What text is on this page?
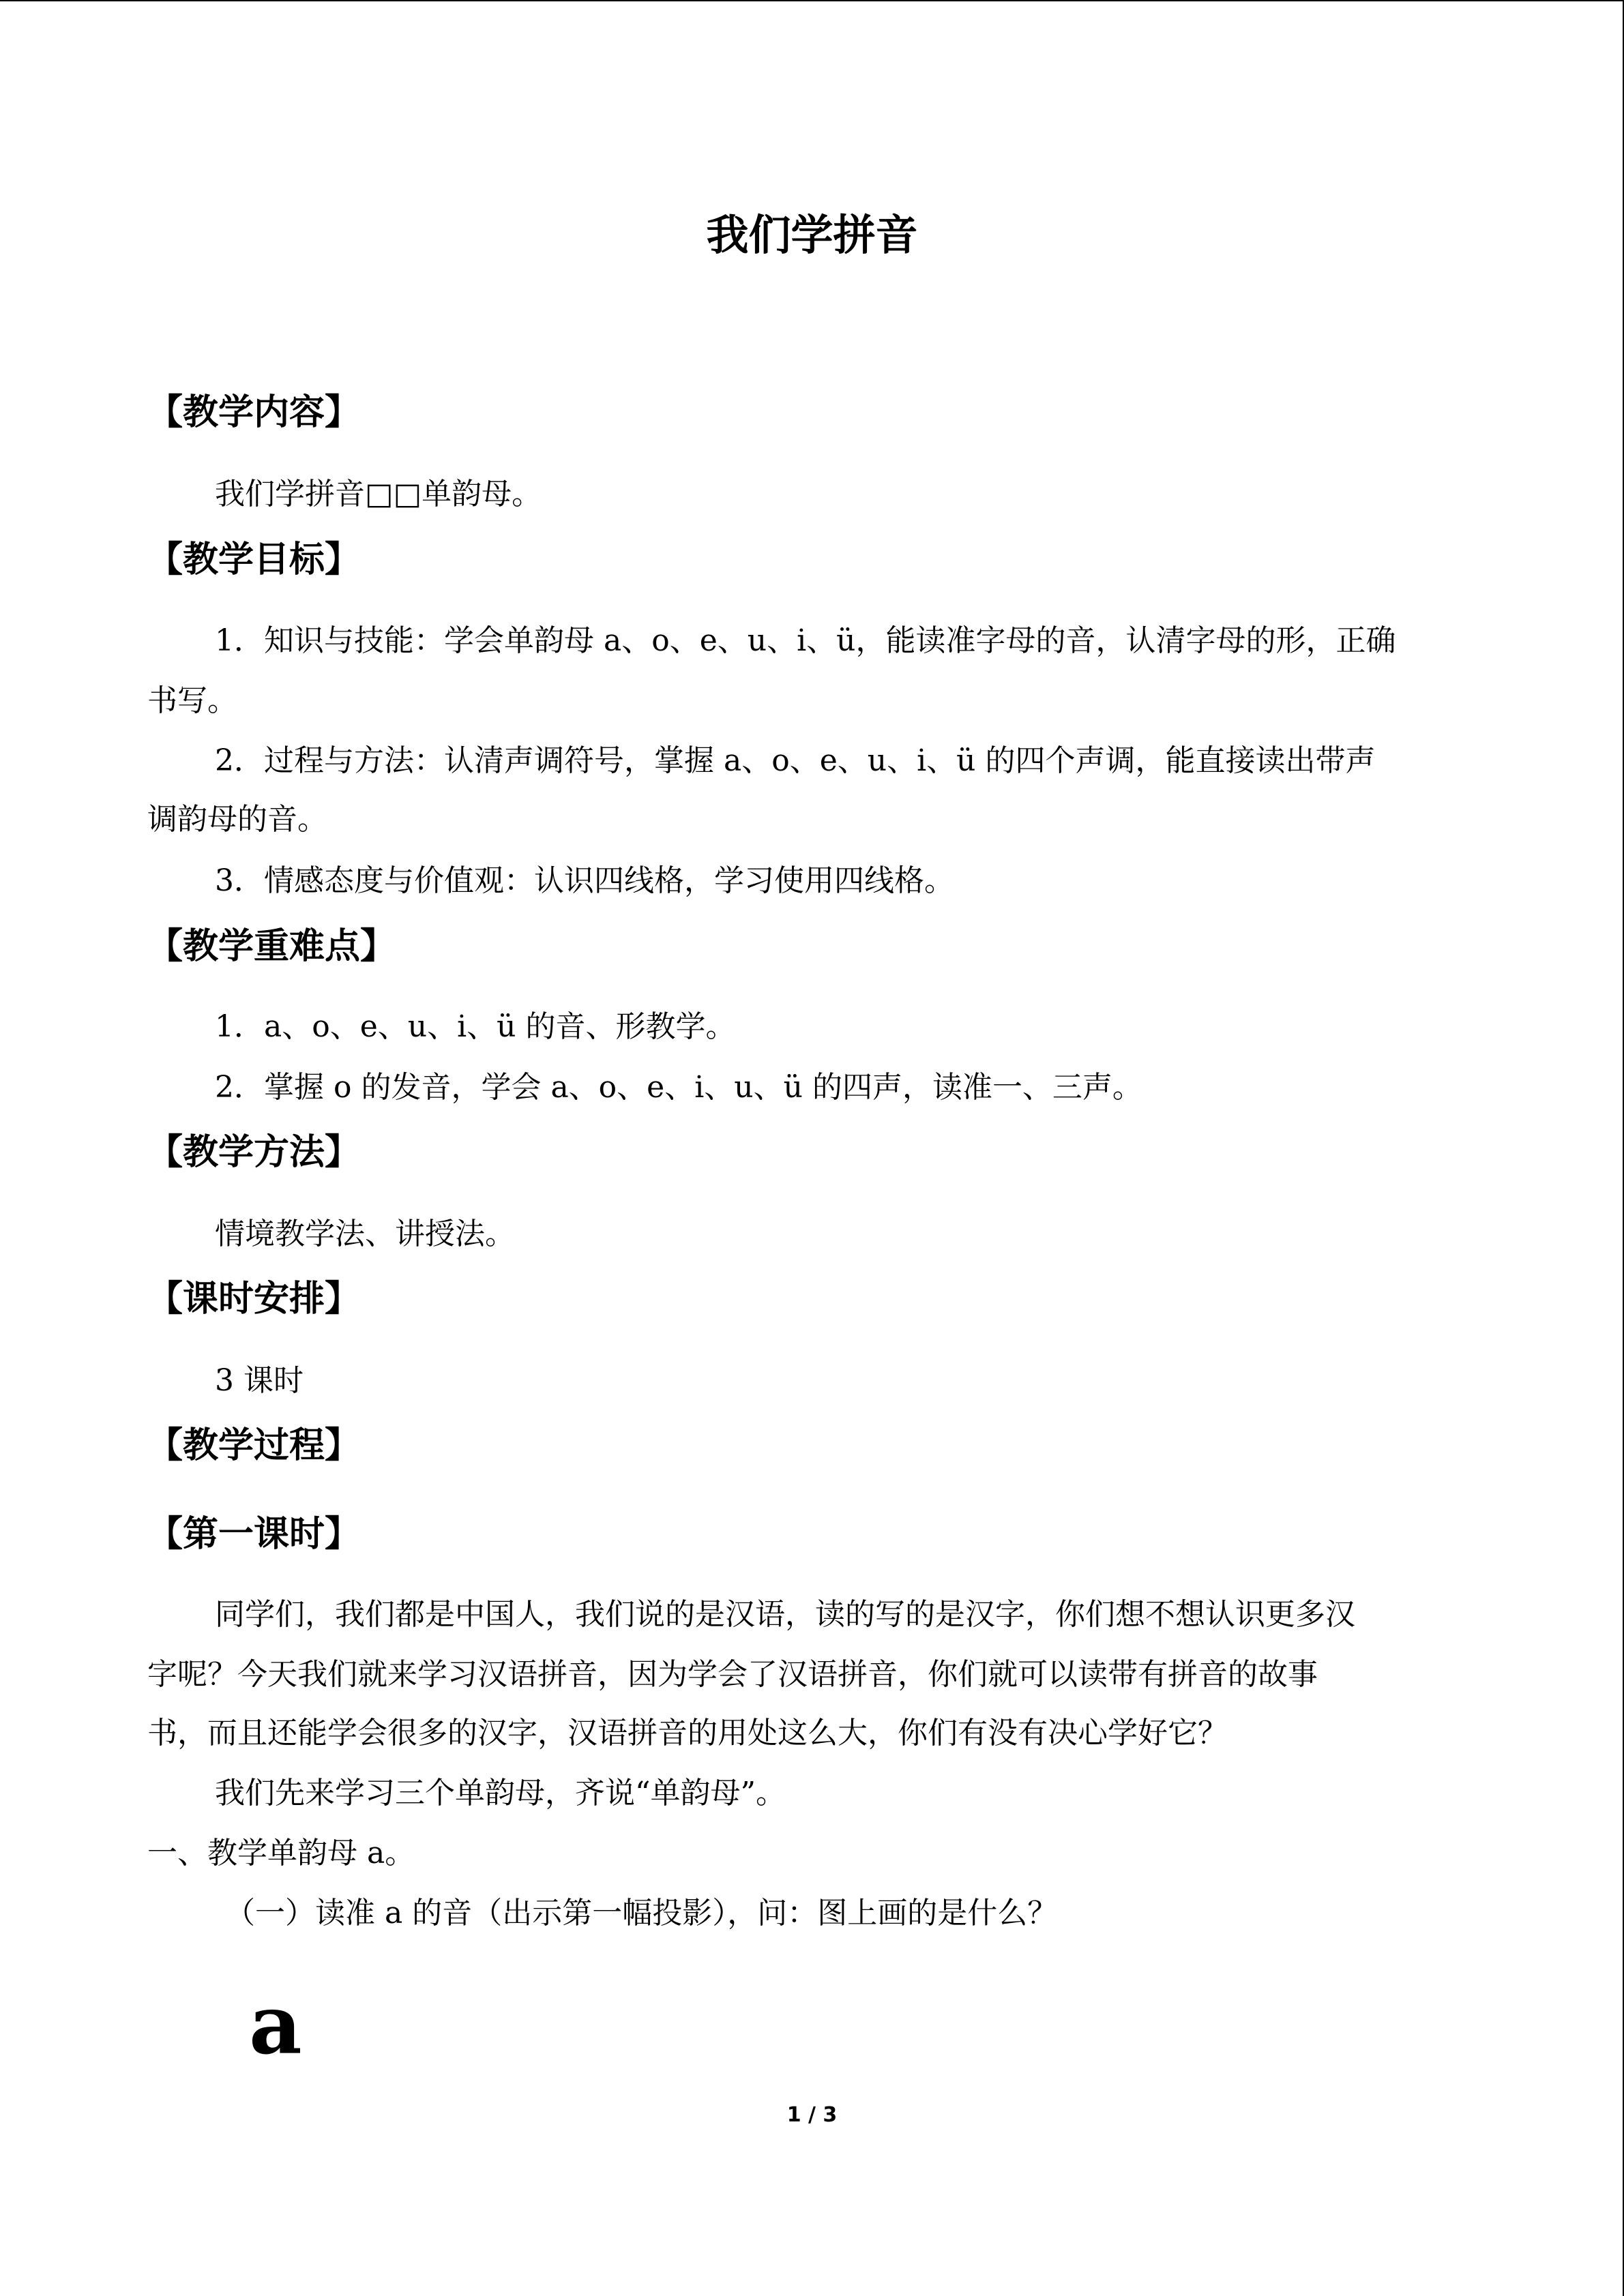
我们学拼音
【教学内容】
我们学拼音□□单韵母。
【教学目标】
1．知识与技能：学会单韵母 a、o、e、u、i、ü，能读准字母的音，认清字母的形，正确
书写。
2．过程与方法：认清声调符号，掌握 a、o、e、u、i、ü 的四个声调，能直接读出带声
调韵母的音。
3．情感态度与价值观：认识四线格，学习使用四线格。
【教学重难点】
1．a、o、e、u、i、ü 的音、形教学。
2．掌握 o 的发音，学会 a、o、e、i、u、ü 的四声，读准一、三声。
【教学方法】
情境教学法、讲授法。
【课时安排】
3 课时
【教学过程】
【第一课时】
同学们，我们都是中国人，我们说的是汉语，读的写的是汉字，你们想不想认识更多汉
字呢？今天我们就来学习汉语拼音，因为学会了汉语拼音，你们就可以读带有拼音的故事
书，而且还能学会很多的汉字，汉语拼音的用处这么大，你们有没有决心学好它？
我们先来学习三个单韵母，齐说“单韵母”。
一、教学单韵母 a。
（一）读准 a 的音（出示第一幅投影），问：图上画的是什么？
a
1 / 3
